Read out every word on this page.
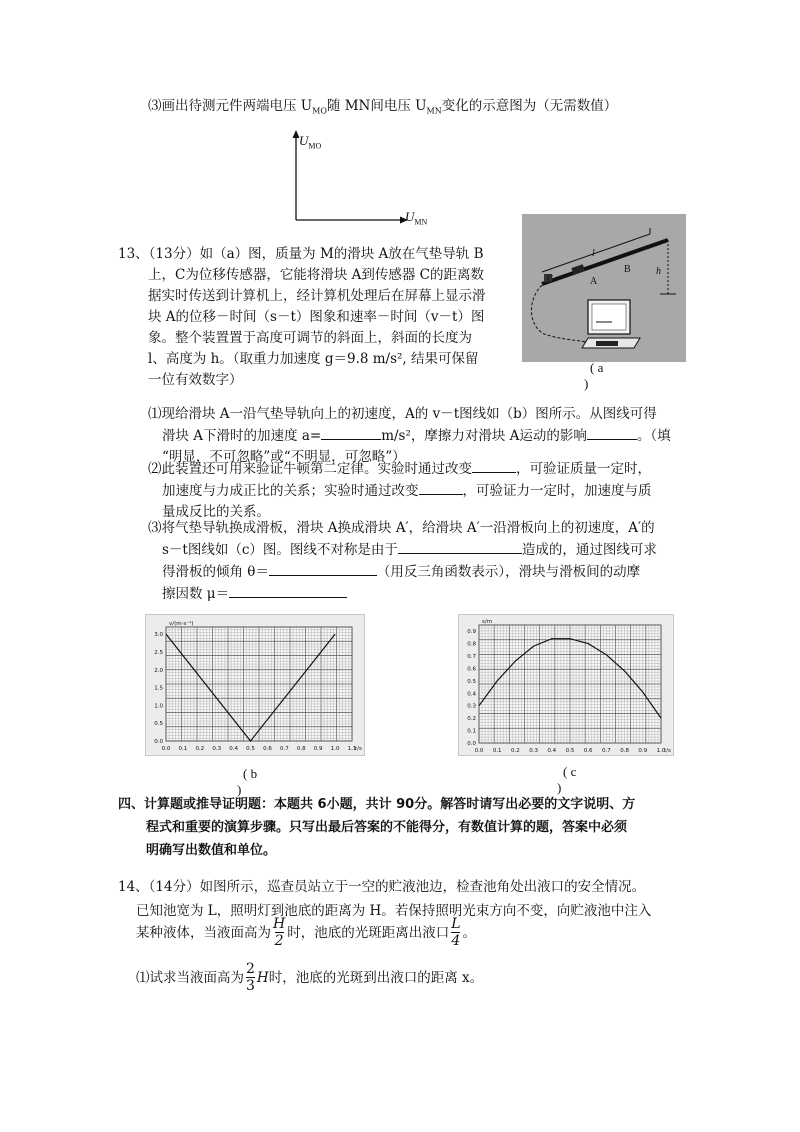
⑶画出待测元件两端电压 $U_{MO}$随 MN间电压 $U_{MN}$变化的示意图为（无需数值）
$U_{MO}$
$U_{MN}$
13、（13分）如（a）图，质量为 M的滑块 A放在气垫导轨 B
上，C为位移传感器，它能将滑块 A到传感器 C的距离数
据实时传送到计算机上，经计算机处理后在屏幕上显示滑
块 A的位移－时间（s－t）图象和速率－时间（v－t）图
象。整个装置置于高度可调节的斜面上，斜面的长度为
l、高度为 h。（取重力加速度 g＝9.8 m/s², 结果可保留
一位有效数字）
C	A
B
l
h
( a
)
⑴现给滑块 A一沿气垫导轨向上的初速度，A的 v－t图线如（b）图所示。从图线可得
滑块 A下滑时的加速度 a=	m/s²，摩擦力对滑块 A运动的影响	。（填
“明显，不可忽略”或“不明显，可忽略”）
⑵此装置还可用来验证牛顿第二定律。实验时通过改变	，可验证质量一定时，
加速度与力成正比的关系；实验时通过改变	，可验证力一定时，加速度与质
量成反比的关系。
⑶将气垫导轨换成滑板，滑块 A换成滑块 A′，给滑块 A′一沿滑板向上的初速度，A′的
s－t图线如（c）图。图线不对称是由于	造成的，通过图线可求
得滑板的倾角 θ＝	（用反三角函数表示），滑块与滑板间的动摩
擦因数 μ＝
0.0 0.1 0.2 0.3 0.4 0.5 0.6 0.7 0.8 0.9 1.0 1.1
0.0
0.5
1.0
1.5
2.0
2.5
3.0
v/(m·s⁻¹)
t/s
( b
)
0.0 0.1 0.2 0.3 0.4 0.5 0.6 0.7 0.8 0.9 1.0
0.0
0.1
0.2
0.3
0.4
0.5
0.6
0.7
0.8
0.9
s/m
t/s
( c
)
四、计算题或推导证明题：本题共 6小题，共计 90分。解答时请写出必要的文字说明、方
程式和重要的演算步骤。只写出最后答案的不能得分，有数值计算的题，答案中必须
明确写出数值和单位。
14、（14分）如图所示，巡查员站立于一空的贮液池边，检查池角处出液口的安全情况。
已知池宽为 L，照明灯到池底的距离为 H。若保持照明光束方向不变，向贮液池中注入
某种液体，当液面高为 $\frac{H}{2}$ 时，池底的光斑距离出液口 $\frac{L}{4}$ 。
⑴试求当液面高为 $\frac{2}{3}$ H时，池底的光斑到出液口的距离 x。
